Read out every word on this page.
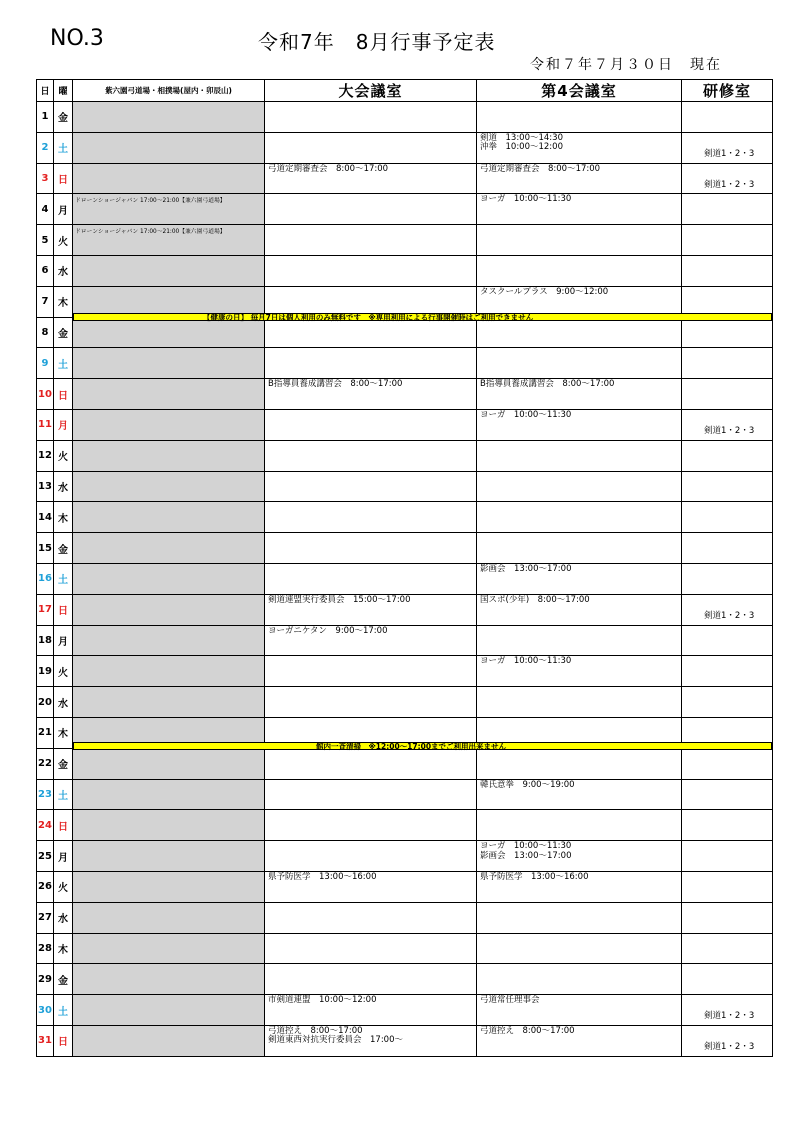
NO.3	令和7年　8月行事予定表
令和７年７月３０日　現在
日	曜	紫六園弓道場・相撲場(屋内・卯辰山)	大会議室	第4会議室	研修室
1	金	

2	土			剣道　13:00～14:30
沖拳　10:00～12:00	剣道1・2・3

3	日		弓道定期審査会　8:00～17:00	弓道定期審査会　8:00～17:00	剣道1・2・3

4	月	ドローンショージャパン 17:00～21:00【兼六園弓道場】		ヨーガ　10:00～11:30	

5	火	ドローンショージャパン 17:00～21:00【兼六園弓道場】			

6	水	

7	木			タスクールプラス　9:00～12:00	

8	金	

9	土	

10	日		B指導員養成講習会　8:00～17:00	B指導員養成講習会　8:00～17:00	

11	月			ヨーガ　10:00～11:30	剣道1・2・3

12	火	

13	水	

14	木	

15	金	

16	土			影画会　13:00～17:00	

17	日		剣道連盟実行委員会　15:00～17:00	国スポ(少年)　8:00～17:00	剣道1・2・3

18	月		ヨーガニケタン　9:00～17:00		

19	火			ヨーガ　10:00～11:30	

20	水	

21	木	

22	金	

23	土			韓氏意拳　9:00～19:00	

24	日	

25	月			ヨーガ　10:00～11:30
影画会　13:00～17:00	

26	火		県予防医学　13:00～16:00	県予防医学　13:00～16:00	

27	水	

28	木	

29	金	

30	土		市剣道連盟　10:00～12:00	弓道常任理事会	剣道1・2・3

31	日		弓道控え　8:00～17:00
剣道東西対抗実行委員会　17:00～	弓道控え　8:00～17:00	剣道1・2・3
【健康の日】 毎月7日は個人利用のみ無料です　※専用利用による行事開催時はご利用できません
館内一斉清掃　※12:00～17:00までご利用出来ません
